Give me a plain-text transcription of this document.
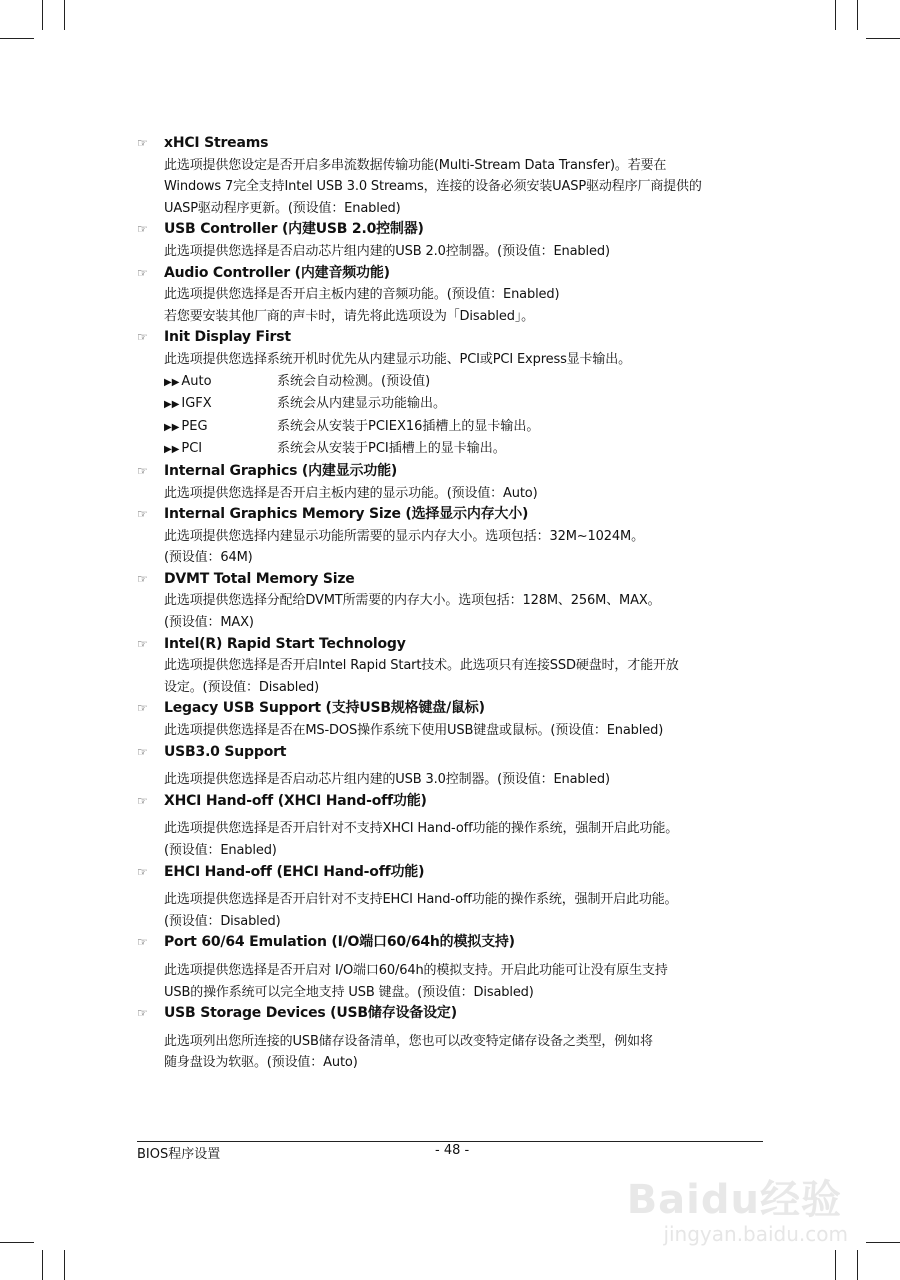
☞	xHCI Streams
此选项提供您设定是否开启多串流数据传输功能(Multi-Stream Data Transfer)。若要在
Windows 7完全支持Intel USB 3.0 Streams，连接的设备必须安装UASP驱动程序厂商提供的
UASP驱动程序更新。(预设值：Enabled)
☞	USB Controller (内建USB 2.0控制器)
此选项提供您选择是否启动芯片组内建的USB 2.0控制器。(预设值：Enabled)
☞	Audio Controller (内建音频功能)
此选项提供您选择是否开启主板内建的音频功能。(预设值：Enabled)
若您要安装其他厂商的声卡时，请先将此选项设为「Disabled」。
☞	Init Display First
此选项提供您选择系统开机时优先从内建显示功能、PCI或PCI Express显卡输出。
▶▶ Auto	系统会自动检测。(预设值)
▶▶ IGFX	系统会从内建显示功能输出。
▶▶ PEG	系统会从安装于PCIEX16插槽上的显卡输出。
▶▶ PCI	系统会从安装于PCI插槽上的显卡输出。
☞	Internal Graphics (内建显示功能)
此选项提供您选择是否开启主板内建的显示功能。(预设值：Auto)
☞	Internal Graphics Memory Size (选择显示内存大小)
此选项提供您选择内建显示功能所需要的显示内存大小。选项包括：32M~1024M。
(预设值：64M)
☞	DVMT Total Memory Size
此选项提供您选择分配给DVMT所需要的内存大小。选项包括：128M、256M、MAX。
(预设值：MAX)
☞	Intel(R) Rapid Start Technology
此选项提供您选择是否开启Intel Rapid Start技术。此选项只有连接SSD硬盘时，才能开放
设定。(预设值：Disabled)
☞	Legacy USB Support (支持USB规格键盘/鼠标)
此选项提供您选择是否在MS-DOS操作系统下使用USB键盘或鼠标。(预设值：Enabled)
☞	USB3.0 Support
此选项提供您选择是否启动芯片组内建的USB 3.0控制器。(预设值：Enabled)
☞	XHCI Hand-off (XHCI Hand-off功能)
此选项提供您选择是否开启针对不支持XHCI Hand-off功能的操作系统，强制开启此功能。
(预设值：Enabled)
☞	EHCI Hand-off (EHCI Hand-off功能)
此选项提供您选择是否开启针对不支持EHCI Hand-off功能的操作系统，强制开启此功能。
(预设值：Disabled)
☞	Port 60/64 Emulation (I/O端口60/64h的模拟支持)
此选项提供您选择是否开启对 I/O端口60/64h的模拟支持。开启此功能可让没有原生支持
USB的操作系统可以完全地支持 USB 键盘。(预设值：Disabled)
☞	USB Storage Devices (USB储存设备设定)
此选项列出您所连接的USB储存设备清单，您也可以改变特定储存设备之类型，例如将
随身盘设为软驱。(预设值：Auto)
BIOS程序设置	- 48 -
Baidu经验
jingyan.baidu.com
